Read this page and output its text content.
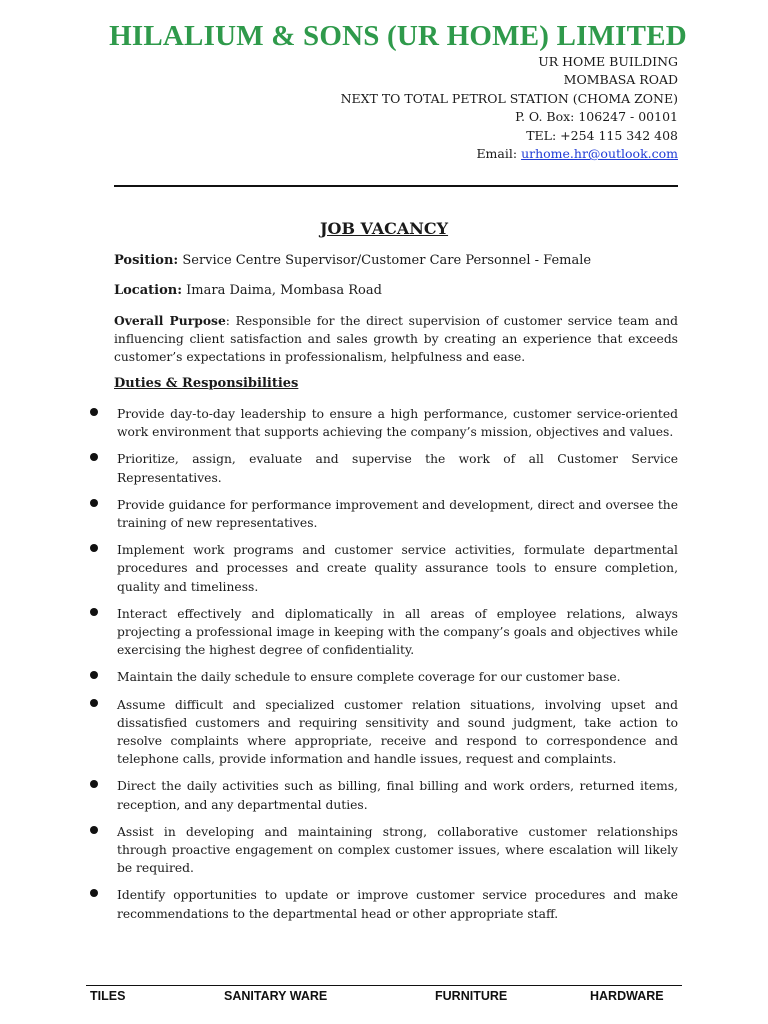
HILALIUM & SONS (UR HOME) LIMITED
UR HOME BUILDING
MOMBASA ROAD
NEXT TO TOTAL PETROL STATION (CHOMA ZONE)
P. O. Box: 106247 - 00101
TEL: +254 115 342 408
Email: urhome.hr@outlook.com
JOB VACANCY

Position: Service Centre Supervisor/Customer Care Personnel - Female

Location: Imara Daima, Mombasa Road

Overall Purpose: Responsible for the direct supervision of customer service team and influencing client satisfaction and sales growth by creating an experience that exceeds customer’s expectations in professionalism, helpfulness and ease.

Duties & Responsibilities
Provide day-to-day leadership to ensure a high performance, customer service-oriented work environment that supports achieving the company’s mission, objectives and values.
Prioritize, assign, evaluate and supervise the work of all Customer Service Representatives.
Provide guidance for performance improvement and development, direct and oversee the training of new representatives.
Implement work programs and customer service activities, formulate departmental procedures and processes and create quality assurance tools to ensure completion, quality and timeliness.
Interact effectively and diplomatically in all areas of employee relations, always projecting a professional image in keeping with the company’s goals and objectives while exercising the highest degree of confidentiality.
Maintain the daily schedule to ensure complete coverage for our customer base.
Assume difficult and specialized customer relation situations, involving upset and dissatisfied customers and requiring sensitivity and sound judgment, take action to resolve complaints where appropriate, receive and respond to correspondence and telephone calls, provide information and handle issues, request and complaints.
Direct the daily activities such as billing, final billing and work orders, returned items, reception, and any departmental duties.
Assist in developing and maintaining strong, collaborative customer relationships through proactive engagement on complex customer issues, where escalation will likely be required.
Identify opportunities to update or improve customer service procedures and make recommendations to the departmental head or other appropriate staff.
TILES	SANITARY WARE	FURNITURE	HARDWARE
